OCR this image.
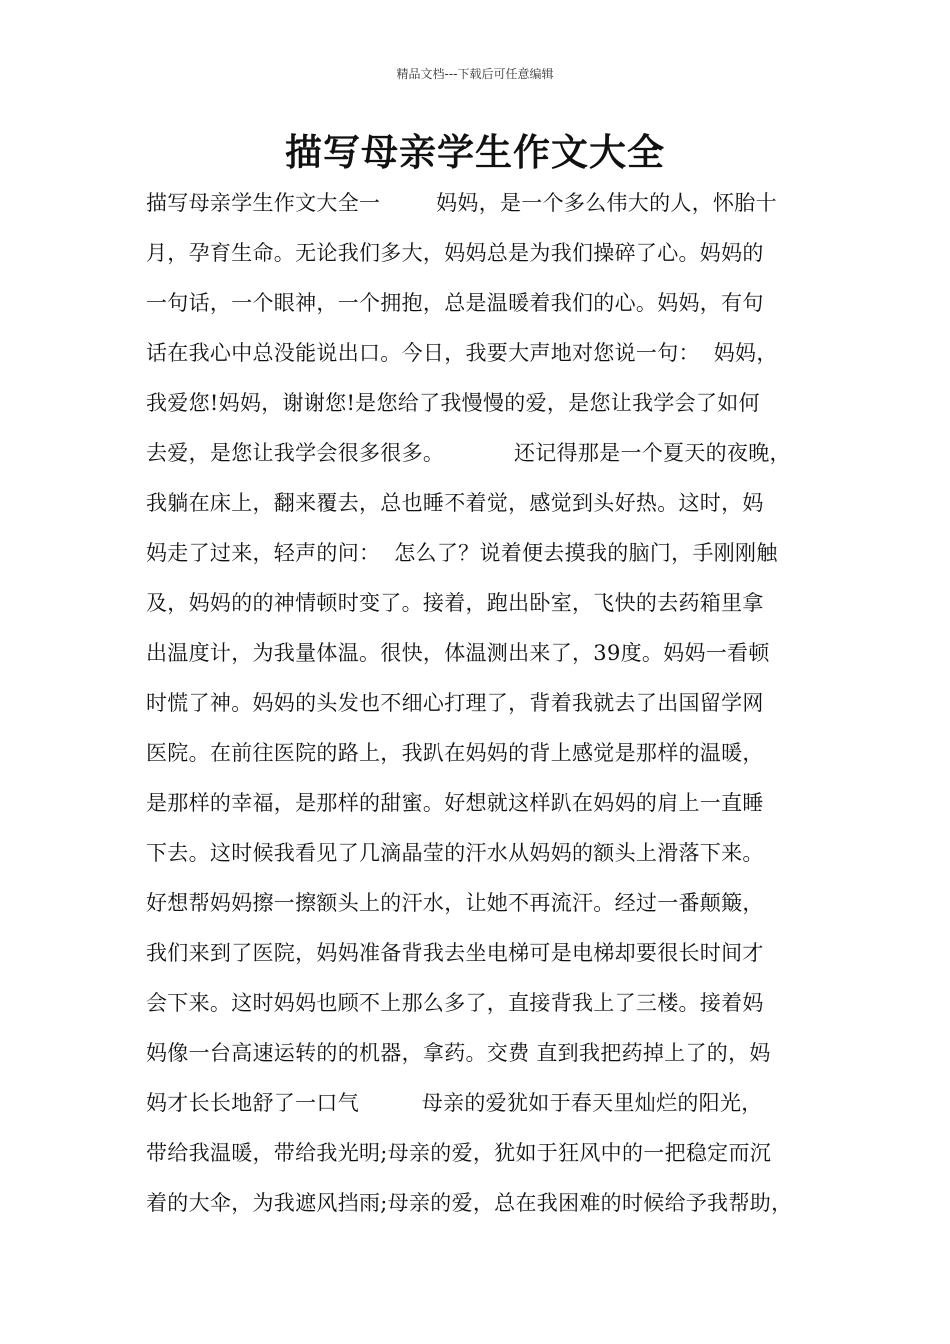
精品文档---下载后可任意编辑
描写母亲学生作文大全
描写母亲学生作文大全一        妈妈，是一个多么伟大的人，怀胎十
月，孕育生命。无论我们多大，妈妈总是为我们操碎了心。妈妈的
一句话，一个眼神，一个拥抱，总是温暖着我们的心。妈妈，有句
话在我心中总没能说出口。今日，我要大声地对您说一句：  妈妈，
我爱您!妈妈，谢谢您!是您给了我慢慢的爱，是您让我学会了如何
去爱，是您让我学会很多很多。          还记得那是一个夏天的夜晚，
我躺在床上，翻来覆去，总也睡不着觉，感觉到头好热。这时，妈
妈走了过来，轻声的问：  怎么了？说着便去摸我的脑门，手刚刚触
及，妈妈的的神情顿时变了。接着，跑出卧室，飞快的去药箱里拿
出温度计，为我量体温。很快，体温测出来了，39度。妈妈一看顿
时慌了神。妈妈的头发也不细心打理了，背着我就去了出国留学网
医院。在前往医院的路上，我趴在妈妈的背上感觉是那样的温暖，
是那样的幸福，是那样的甜蜜。好想就这样趴在妈妈的肩上一直睡
下去。这时候我看见了几滴晶莹的汗水从妈妈的额头上滑落下来。
好想帮妈妈擦一擦额头上的汗水，让她不再流汗。经过一番颠簸，
我们来到了医院，妈妈准备背我去坐电梯可是电梯却要很长时间才
会下来。这时妈妈也顾不上那么多了，直接背我上了三楼。接着妈
妈像一台高速运转的的机器，拿药。交费 直到我把药掉上了的，妈
妈才长长地舒了一口气         母亲的爱犹如于春天里灿烂的阳光，
带给我温暖，带给我光明;母亲的爱，犹如于狂风中的一把稳定而沉
着的大伞，为我遮风挡雨;母亲的爱，总在我困难的时候给予我帮助，
